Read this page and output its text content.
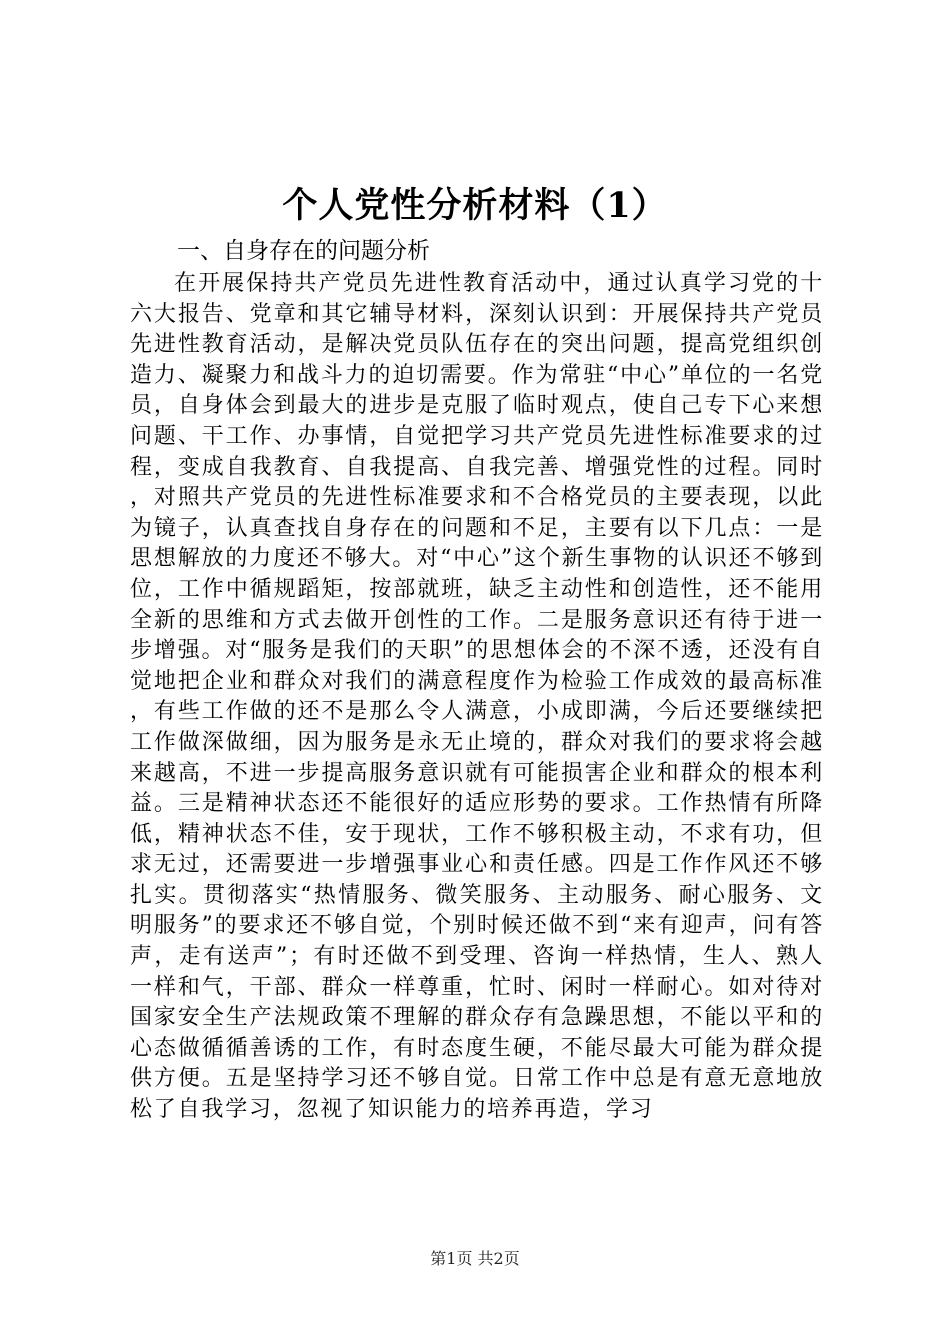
个人党性分析材料（1）
一、自身存在的问题分析

在开展保持共产党员先进性教育活动中，通过认真学习党的十六大报告、党章和其它辅导材料，深刻认识到：开展保持共产党员先进性教育活动，是解决党员队伍存在的突出问题，提高党组织创造力、凝聚力和战斗力的迫切需要。作为常驻“中心”单位的一名党员，自身体会到最大的进步是克服了临时观点，使自己专下心来想问题、干工作、办事情，自觉把学习共产党员先进性标准要求的过程，变成自我教育、自我提高、自我完善、增强党性的过程。同时，对照共产党员的先进性标准要求和不合格党员的主要表现，以此为镜子，认真查找自身存在的问题和不足，主要有以下几点：一是思想解放的力度还不够大。对“中心”这个新生事物的认识还不够到位，工作中循规蹈矩，按部就班，缺乏主动性和创造性，还不能用全新的思维和方式去做开创性的工作。二是服务意识还有待于进一步增强。对“服务是我们的天职”的思想体会的不深不透，还没有自觉地把企业和群众对我们的满意程度作为检验工作成效的最高标准，有些工作做的还不是那么令人满意，小成即满，今后还要继续把工作做深做细，因为服务是永无止境的，群众对我们的要求将会越来越高，不进一步提高服务意识就有可能损害企业和群众的根本利益。三是精神状态还不能很好的适应形势的要求。工作热情有所降低，精神状态不佳，安于现状，工作不够积极主动，不求有功，但求无过，还需要进一步增强事业心和责任感。四是工作作风还不够扎实。贯彻落实“热情服务、微笑服务、主动服务、耐心服务、文明服务”的要求还不够自觉，个别时候还做不到“来有迎声，问有答声，走有送声”；有时还做不到受理、咨询一样热情，生人、熟人一样和气，干部、群众一样尊重，忙时、闲时一样耐心。如对待对国家安全生产法规政策不理解的群众存有急躁思想，不能以平和的心态做循循善诱的工作，有时态度生硬，不能尽最大可能为群众提供方便。五是坚持学习还不够自觉。日常工作中总是有意无意地放松了自我学习，忽视了知识能力的培养再造，学习

第1页 共2页
